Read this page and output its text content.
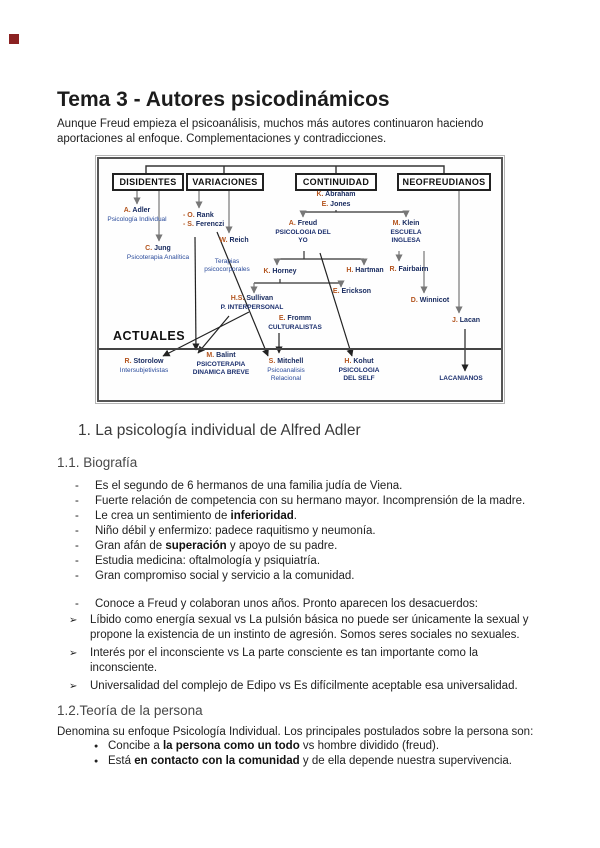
Tema 3 - Autores psicodinámicos
Aunque Freud empieza el psicoanálisis, muchos más autores continuaron haciendo aportaciones al enfoque. Complementaciones y contradicciones.
DISIDENTES	VARIACIONES	CONTINUIDAD	NEOFREUDIANOS
A. Adler
Psicología Individual
C. Jung
Psicoterapia Analítica
- O. Rank
- S. Ferenczi
W. Reich
Terapias psicocorporales
K. Abraham
E. Jones
A. Freud
PSICOLOGIA DEL YO
M. Klein
ESCUELA INGLESA
K. Horney	H. Hartman
E. Erickson
R. Fairbairn
D. Winnicot
H.S. Sullivan
P. INTERPERSONAL
E. Fromm
CULTURALISTAS
J. Lacan
ACTUALES
R. Storolow
Intersubjetivistas
M. Balint
PSICOTERAPIA DINAMICA BREVE
S. Mitchell
Psicoanalisis Relacional
H. Kohut
PSICOLOGIA DEL SELF	LACANIANOS
1. La psicología individual de Alfred Adler
1.1. Biografía
- Es el segundo de 6 hermanos de una familia judía de Viena.
- Fuerte relación de competencia con su hermano mayor. Incomprensión de la madre.
- Le crea un sentimiento de inferioridad.
- Niño débil y enfermizo: padece raquitismo y neumonía.
- Gran afán de superación y apoyo de su padre.
- Estudia medicina: oftalmología y psiquiatría.
- Gran compromiso social y servicio a la comunidad.
- Conoce a Freud y colaboran unos años. Pronto aparecen los desacuerdos:
➢ Líbido como energía sexual vs La pulsión básica no puede ser únicamente la sexual y propone la existencia de un instinto de agresión. Somos seres sociales no sexuales.
➢ Interés por el inconsciente vs La parte consciente es tan importante como la inconsciente.
➢ Universalidad del complejo de Edipo vs Es difícilmente aceptable esa universalidad.
1.2.Teoría de la persona
Denomina su enfoque Psicología Individual. Los principales postulados sobre la persona son:
● Concibe a la persona como un todo vs hombre dividido (freud).
● Está en contacto con la comunidad y de ella depende nuestra supervivencia.
